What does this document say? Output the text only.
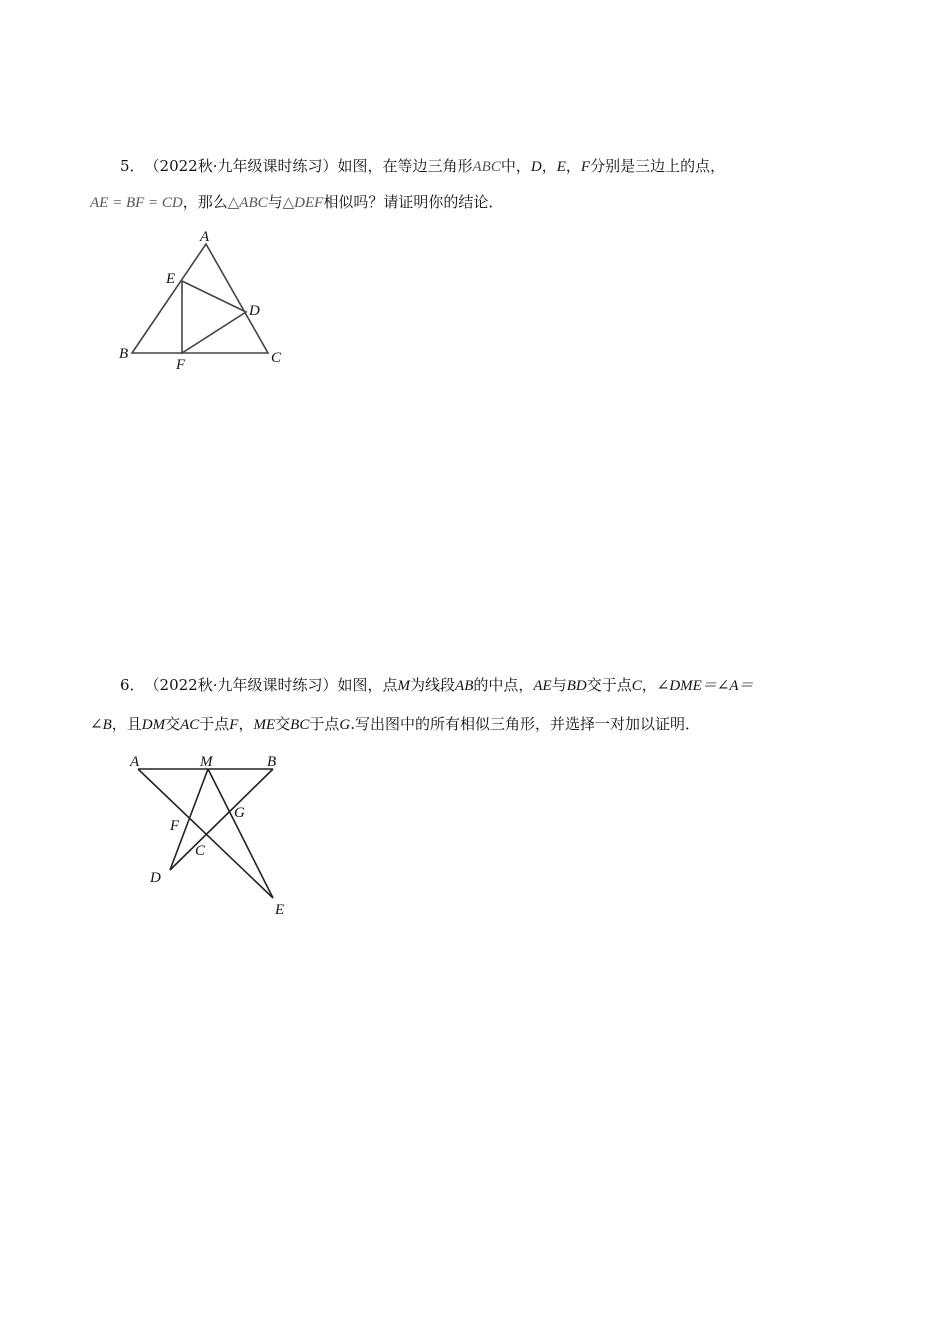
5．（2022秋·九年级课时练习）如图，在等边三角形ABC中，D，E，F分别是三边上的点，
AE = BF = CD，那么△ABC与△DEF相似吗？请证明你的结论．
A
E
D
B
F	C
6．（2022秋·九年级课时练习）如图，点M为线段AB的中点，AE与BD交于点C，∠DME＝∠A＝
∠B，且DM交AC于点F，ME交BC于点G.写出图中的所有相似三角形，并选择一对加以证明．
A	M	B
F
G
C
D
E
